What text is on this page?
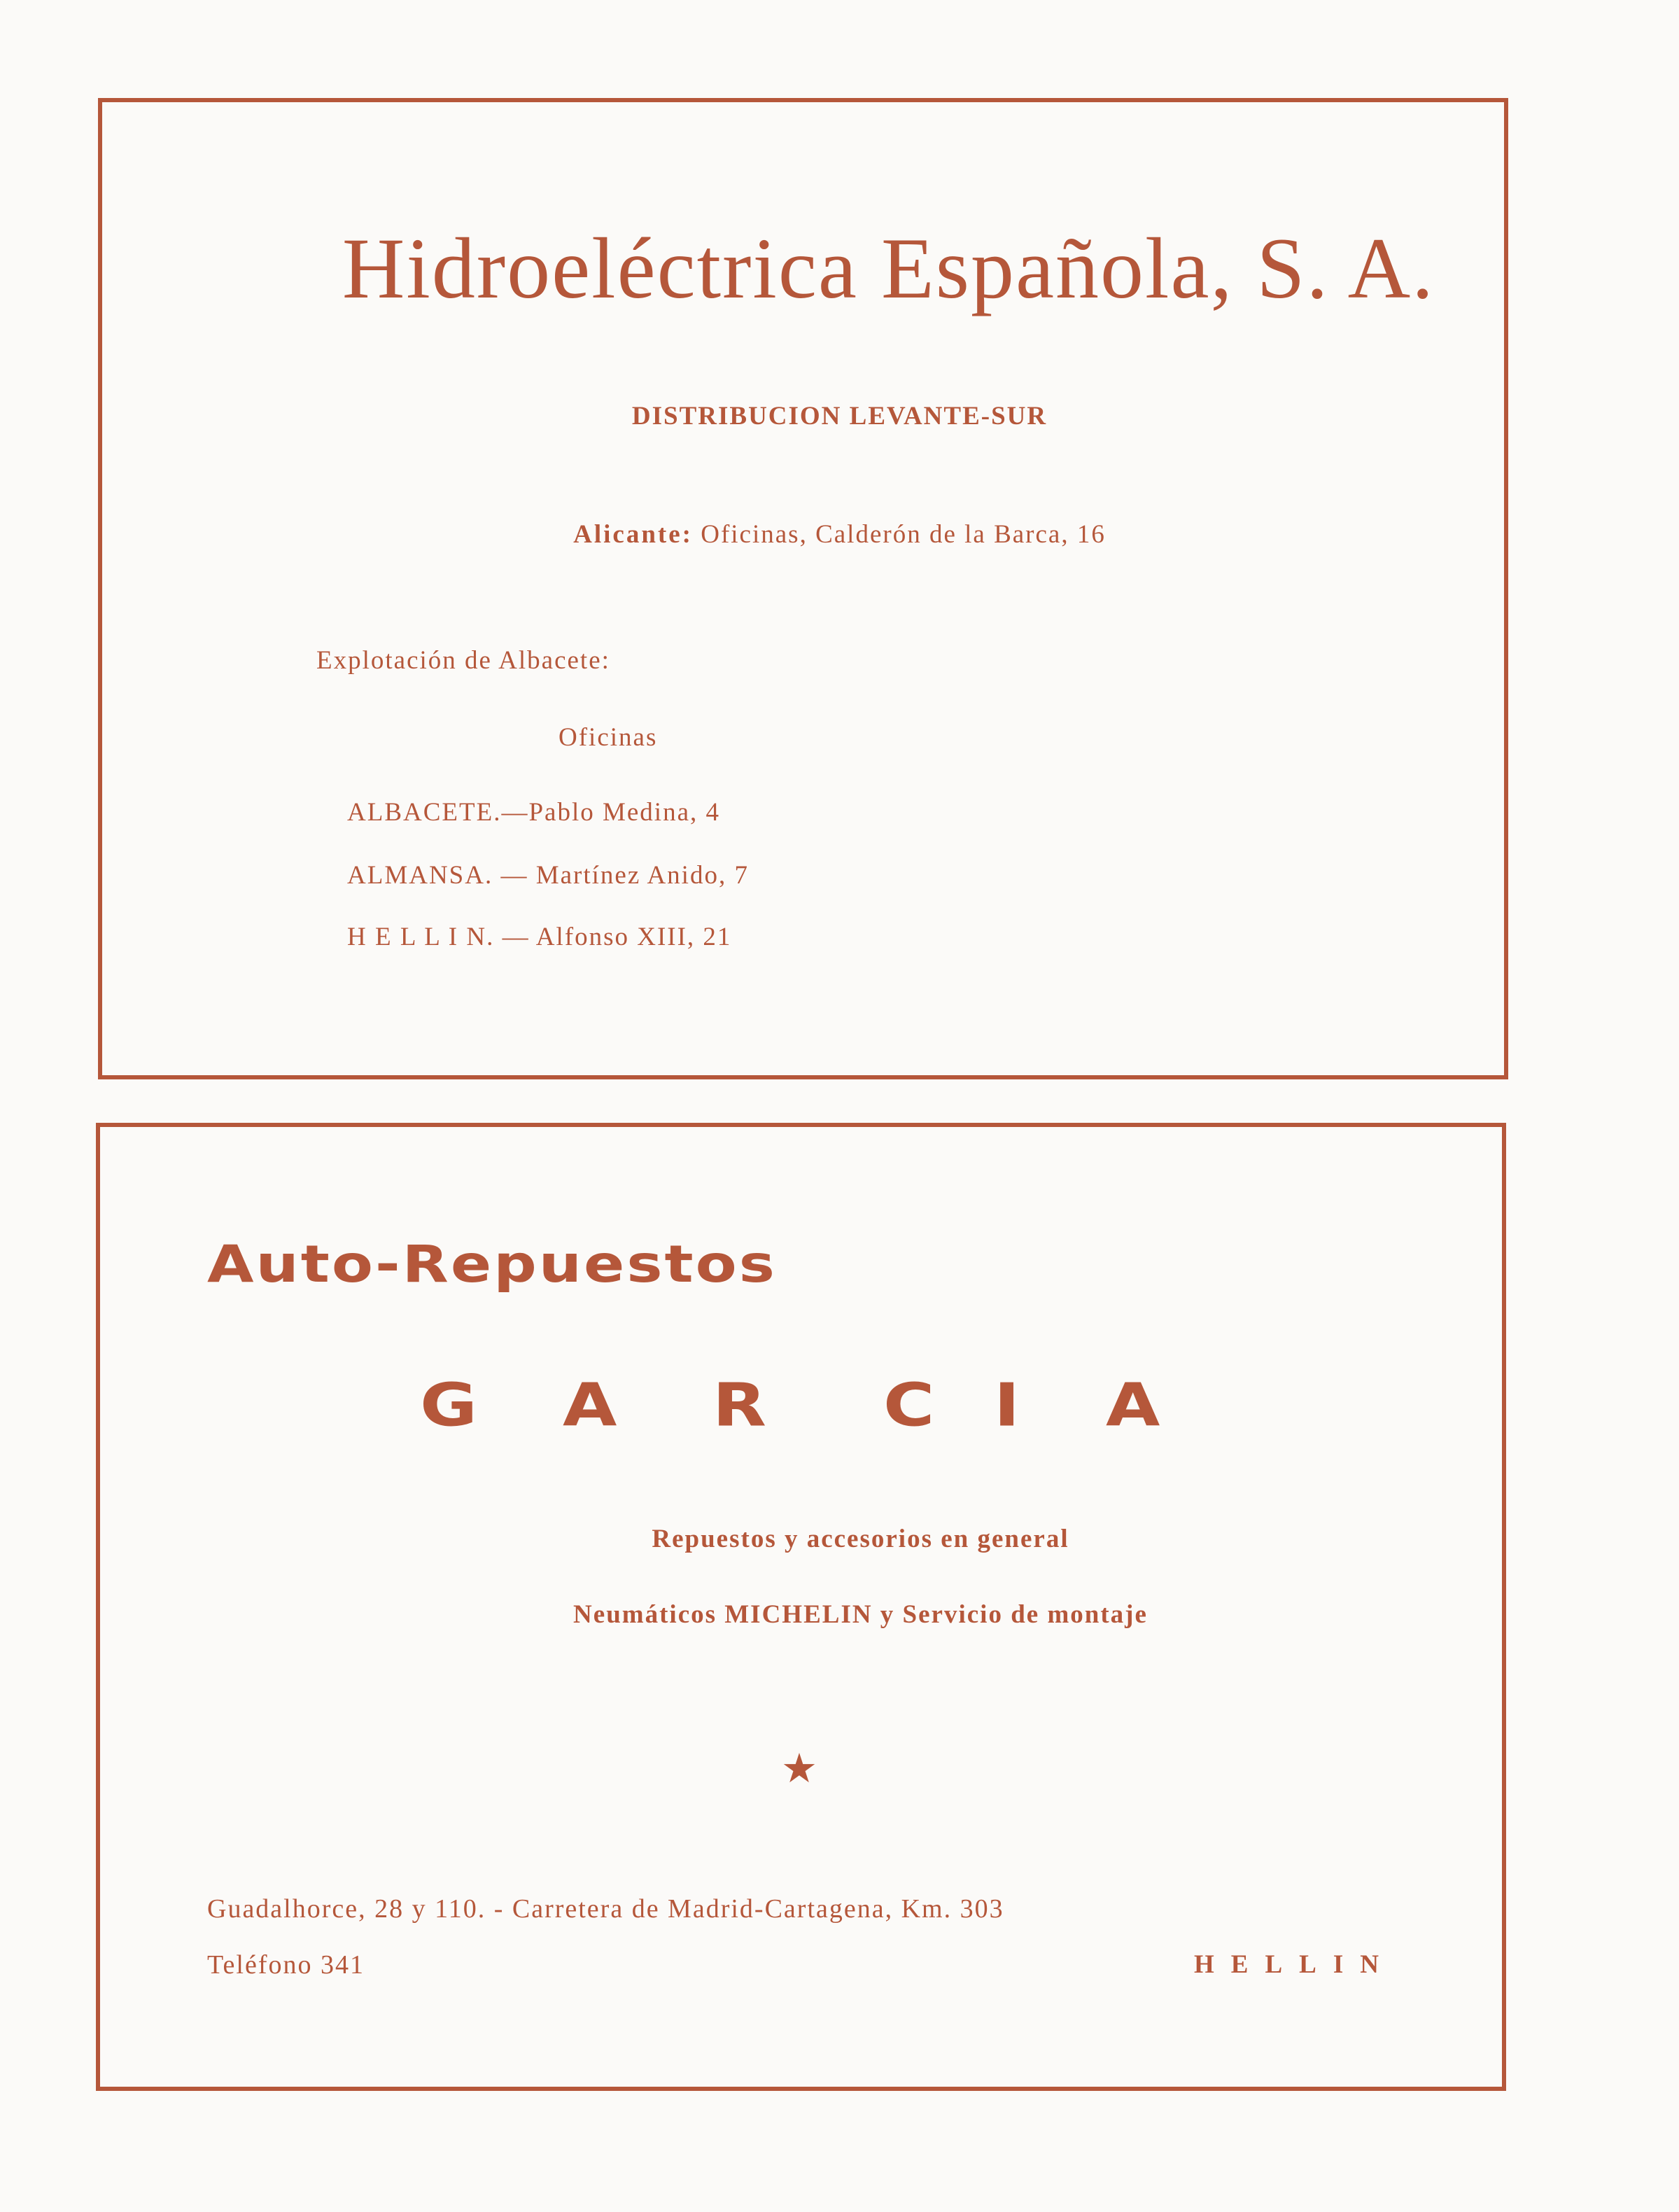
Hidroeléctrica Española, S. A.
DISTRIBUCION LEVANTE-SUR
Alicante: Oficinas, Calderón de la Barca, 16
Explotación de Albacete:
Oficinas
ALBACETE.—Pablo Medina, 4
ALMANSA. — Martínez Anido, 7
H E L L I N. — Alfonso XIII, 21
Auto-Repuestos
G A R C I A
Repuestos y accesorios en general
Neumáticos MICHELIN y Servicio de montaje
★
Guadalhorce, 28 y 110. - Carretera de Madrid-Cartagena, Km. 303
Teléfono 341	HELLIN
